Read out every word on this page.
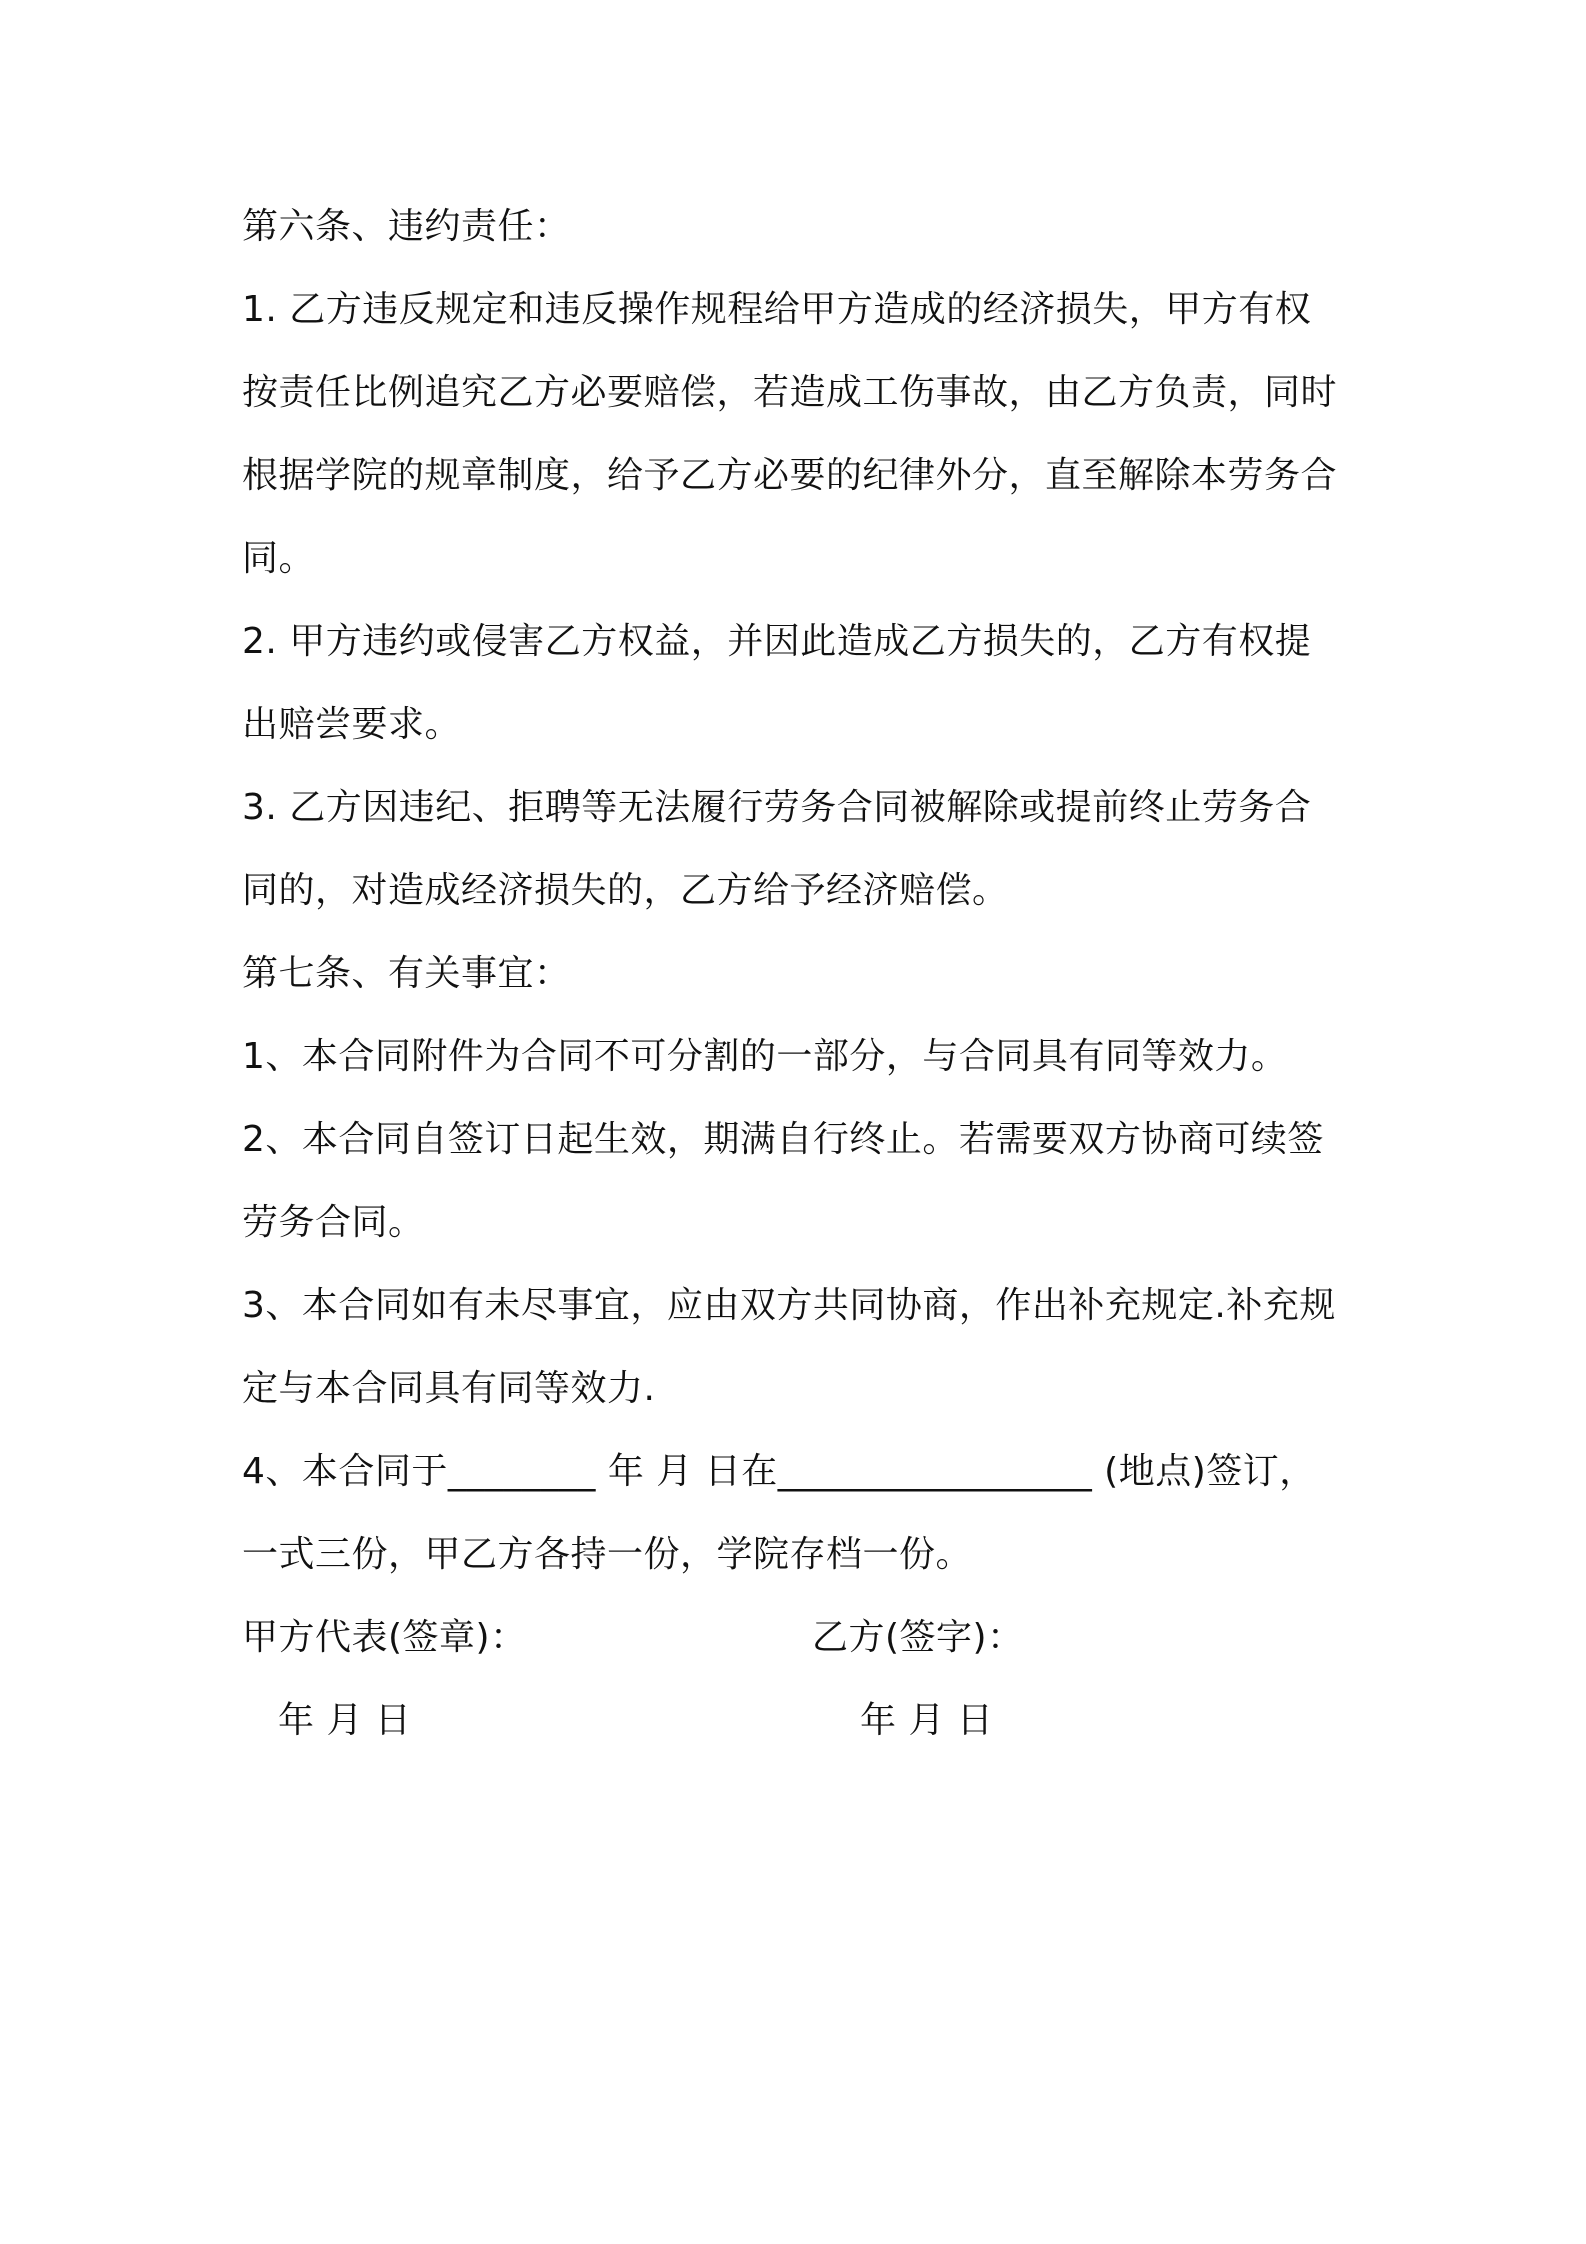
第六条、违约责任：
1. 乙方违反规定和违反操作规程给甲方造成的经济损失，甲方有权
按责任比例追究乙方必要赔偿，若造成工伤事故，由乙方负责，同时
根据学院的规章制度，给予乙方必要的纪律外分，直至解除本劳务合
同。
2. 甲方违约或侵害乙方权益，并因此造成乙方损失的，乙方有权提
出赔尝要求。
3. 乙方因违纪、拒聘等无法履行劳务合同被解除或提前终止劳务合
同的，对造成经济损失的，乙方给予经济赔偿。
第七条、有关事宜：
1、本合同附件为合同不可分割的一部分，与合同具有同等效力。
2、本合同自签订日起生效，期满自行终止。若需要双方协商可续签
劳务合同。
3、本合同如有未尽事宜，应由双方共同协商，作出补充规定.补充规
定与本合同具有同等效力.
4、本合同于________ 年 月 日在_________________ (地点)签订，
一式三份，甲乙方各持一份，学院存档一份。
甲方代表(签章)：	乙方(签字)：
年 月 日	年 月 日
